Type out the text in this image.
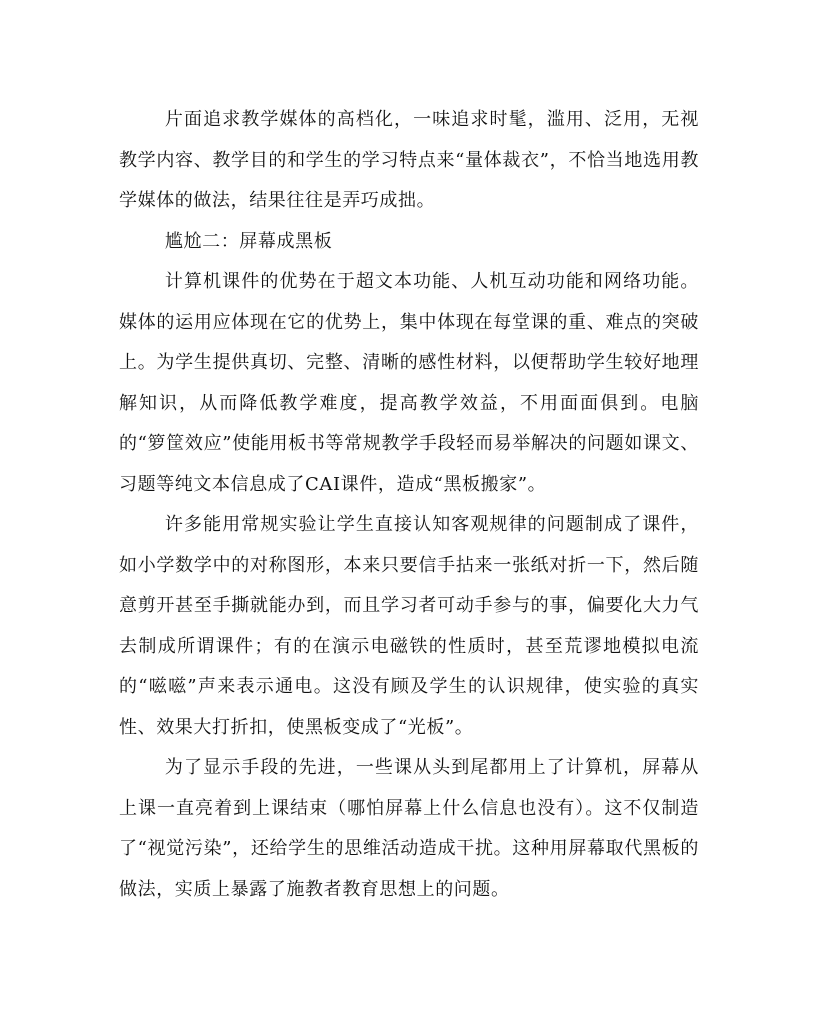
片面追求教学媒体的高档化，一味追求时髦，滥用、泛用，无视教学内容、教学目的和学生的学习特点来“量体裁衣”，不恰当地选用教学媒体的做法，结果往往是弄巧成拙。

尴尬二：屏幕成黑板

计算机课件的优势在于超文本功能、人机互动功能和网络功能。媒体的运用应体现在它的优势上，集中体现在每堂课的重、难点的突破上。为学生提供真切、完整、清晰的感性材料，以便帮助学生较好地理解知识，从而降低教学难度，提高教学效益，不用面面俱到。电脑的“箩筐效应”使能用板书等常规教学手段轻而易举解决的问题如课文、习题等纯文本信息成了CAI课件，造成“黑板搬家”。

许多能用常规实验让学生直接认知客观规律的问题制成了课件，如小学数学中的对称图形，本来只要信手拈来一张纸对折一下，然后随意剪开甚至手撕就能办到，而且学习者可动手参与的事，偏要化大力气去制成所谓课件；有的在演示电磁铁的性质时，甚至荒谬地模拟电流的“嗞嗞”声来表示通电。这没有顾及学生的认识规律，使实验的真实性、效果大打折扣，使黑板变成了“光板”。

为了显示手段的先进，一些课从头到尾都用上了计算机，屏幕从上课一直亮着到上课结束（哪怕屏幕上什么信息也没有）。这不仅制造了“视觉污染”，还给学生的思维活动造成干扰。这种用屏幕取代黑板的做法，实质上暴露了施教者教育思想上的问题。
